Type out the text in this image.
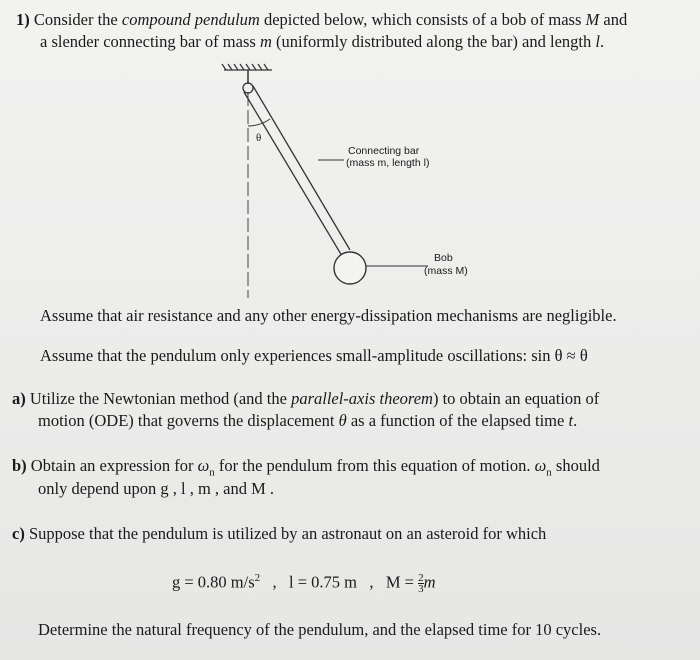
1) Consider the compound pendulum depicted below, which consists of a bob of mass M and
a slender connecting bar of mass m (uniformly distributed along the bar) and length l.
θ
Connecting bar
(mass m, length l)
Bob
(mass M)
Assume that air resistance and any other energy-dissipation mechanisms are negligible.
Assume that the pendulum only experiences small-amplitude oscillations: sin θ ≈ θ
a) Utilize the Newtonian method (and the parallel-axis theorem) to obtain an equation of
motion (ODE) that governs the displacement θ as a function of the elapsed time t.
b) Obtain an expression for $\omega_n$ for the pendulum from this equation of motion. $\omega_n$ should
only depend upon g , l , m , and M .
c) Suppose that the pendulum is utilized by an astronaut on an asteroid for which
g = 0.80 $m/s^2$ , l = 0.75 m , $M = \frac{2}{3}$ m
Determine the natural frequency of the pendulum, and the elapsed time for 10 cycles.
